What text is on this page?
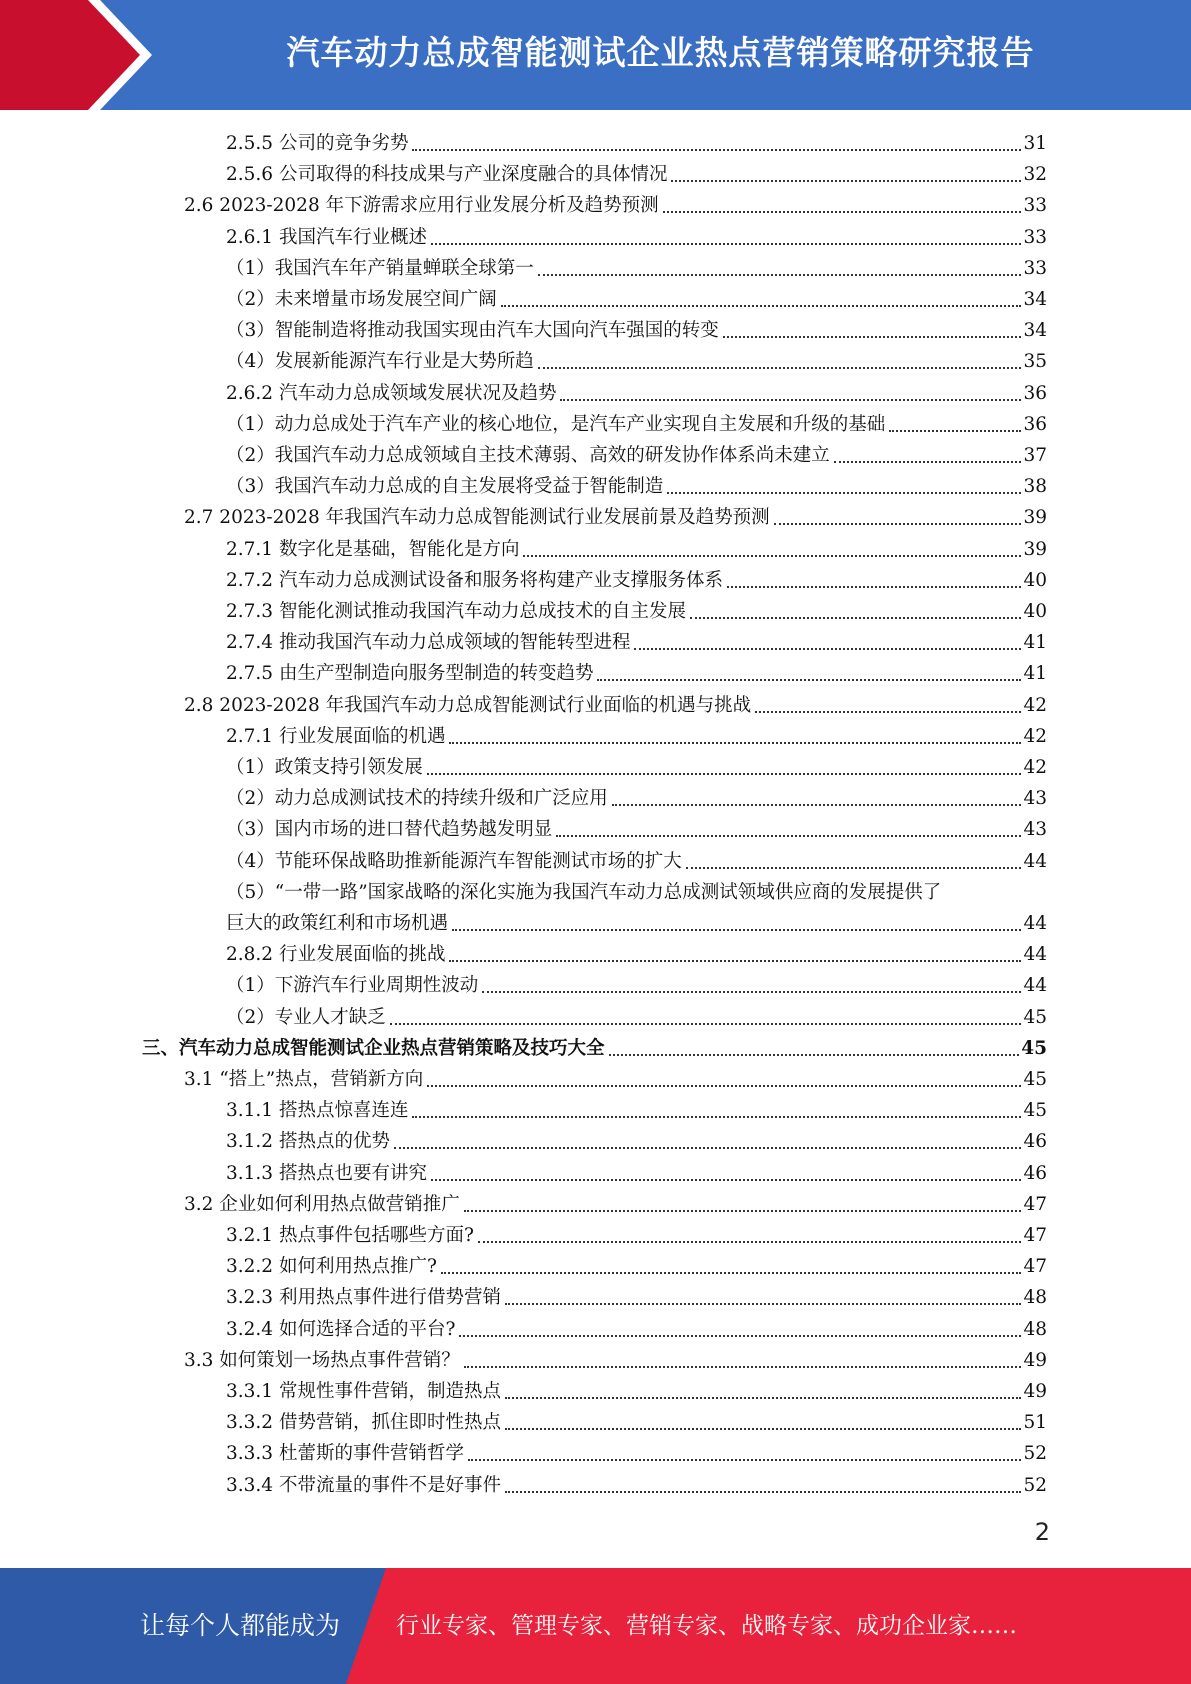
汽车动力总成智能测试企业热点营销策略研究报告
2.5.5 公司的竞争劣势	31
2.5.6 公司取得的科技成果与产业深度融合的具体情况	32
2.6 2023-2028 年下游需求应用行业发展分析及趋势预测	33
2.6.1 我国汽车行业概述	33
（1）我国汽车年产销量蝉联全球第一	33
（2）未来增量市场发展空间广阔	34
（3）智能制造将推动我国实现由汽车大国向汽车强国的转变	34
（4）发展新能源汽车行业是大势所趋	35
2.6.2 汽车动力总成领域发展状况及趋势	36
（1）动力总成处于汽车产业的核心地位，是汽车产业实现自主发展和升级的基础	36
（2）我国汽车动力总成领域自主技术薄弱、高效的研发协作体系尚未建立	37
（3）我国汽车动力总成的自主发展将受益于智能制造	38
2.7 2023-2028 年我国汽车动力总成智能测试行业发展前景及趋势预测	39
2.7.1 数字化是基础，智能化是方向	39
2.7.2 汽车动力总成测试设备和服务将构建产业支撑服务体系	40
2.7.3 智能化测试推动我国汽车动力总成技术的自主发展	40
2.7.4 推动我国汽车动力总成领域的智能转型进程	41
2.7.5 由生产型制造向服务型制造的转变趋势	41
2.8 2023-2028 年我国汽车动力总成智能测试行业面临的机遇与挑战	42
2.7.1 行业发展面临的机遇	42
（1）政策支持引领发展	42
（2）动力总成测试技术的持续升级和广泛应用	43
（3）国内市场的进口替代趋势越发明显	43
（4）节能环保战略助推新能源汽车智能测试市场的扩大	44
（5）“一带一路”国家战略的深化实施为我国汽车动力总成测试领域供应商的发展提供了
巨大的政策红利和市场机遇	44
2.8.2 行业发展面临的挑战	44
（1）下游汽车行业周期性波动	44
（2）专业人才缺乏	45
三、汽车动力总成智能测试企业热点营销策略及技巧大全	45
3.1 “搭上”热点，营销新方向	45
3.1.1 搭热点惊喜连连	45
3.1.2 搭热点的优势	46
3.1.3 搭热点也要有讲究	46
3.2 企业如何利用热点做营销推广	47
3.2.1 热点事件包括哪些方面?	47
3.2.2 如何利用热点推广?	47
3.2.3 利用热点事件进行借势营销	48
3.2.4 如何选择合适的平台?	48
3.3 如何策划一场热点事件营销？	49
3.3.1 常规性事件营销，制造热点	49
3.3.2 借势营销，抓住即时性热点	51
3.3.3 杜蕾斯的事件营销哲学	52
3.3.4 不带流量的事件不是好事件	52
2
让每个人都能成为 行业专家、管理专家、营销专家、战略专家、成功企业家……
